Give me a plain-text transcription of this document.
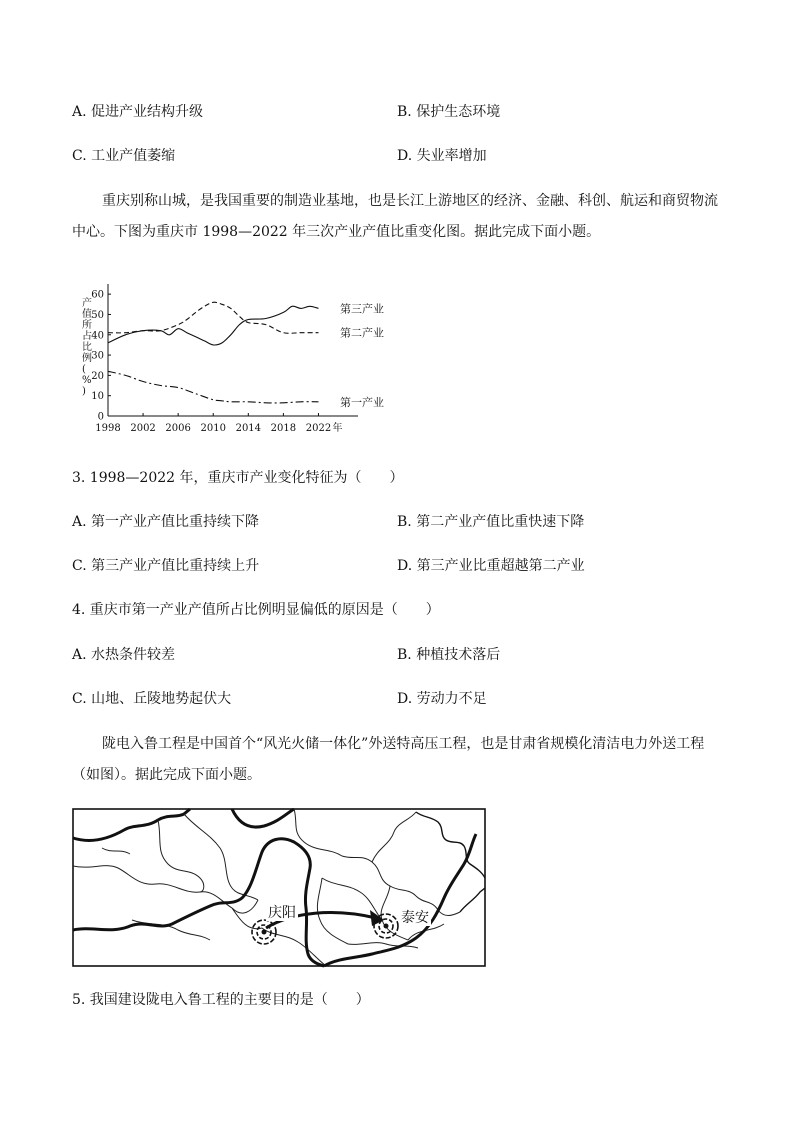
A. 促进产业结构升级	B. 保护生态环境
C. 工业产值萎缩	D. 失业率增加
重庆别称山城，是我国重要的制造业基地，也是长江上游地区的经济、金融、科创、航运和商贸物流
中心。下图为重庆市 1998—2022 年三次产业产值比重变化图。据此完成下面小题。
0
10
20
30
40
50
60
1998 2002 2006 2010 2014 2018 2022 年
产值所占比例( % )
第三产业
第二产业
第一产业
3. 1998—2022 年，重庆市产业变化特征为（　　）
A. 第一产业产值比重持续下降	B. 第二产业产值比重快速下降
C. 第三产业产值比重持续上升	D. 第三产业比重超越第二产业
4. 重庆市第一产业产值所占比例明显偏低的原因是（　　）
A. 水热条件较差	B. 种植技术落后
C. 山地、丘陵地势起伏大	D. 劳动力不足
陇电入鲁工程是中国首个“风光火储一体化”外送特高压工程，也是甘肃省规模化清洁电力外送工程
（如图）。据此完成下面小题。
庆阳	泰安
5. 我国建设陇电入鲁工程的主要目的是（　　）
